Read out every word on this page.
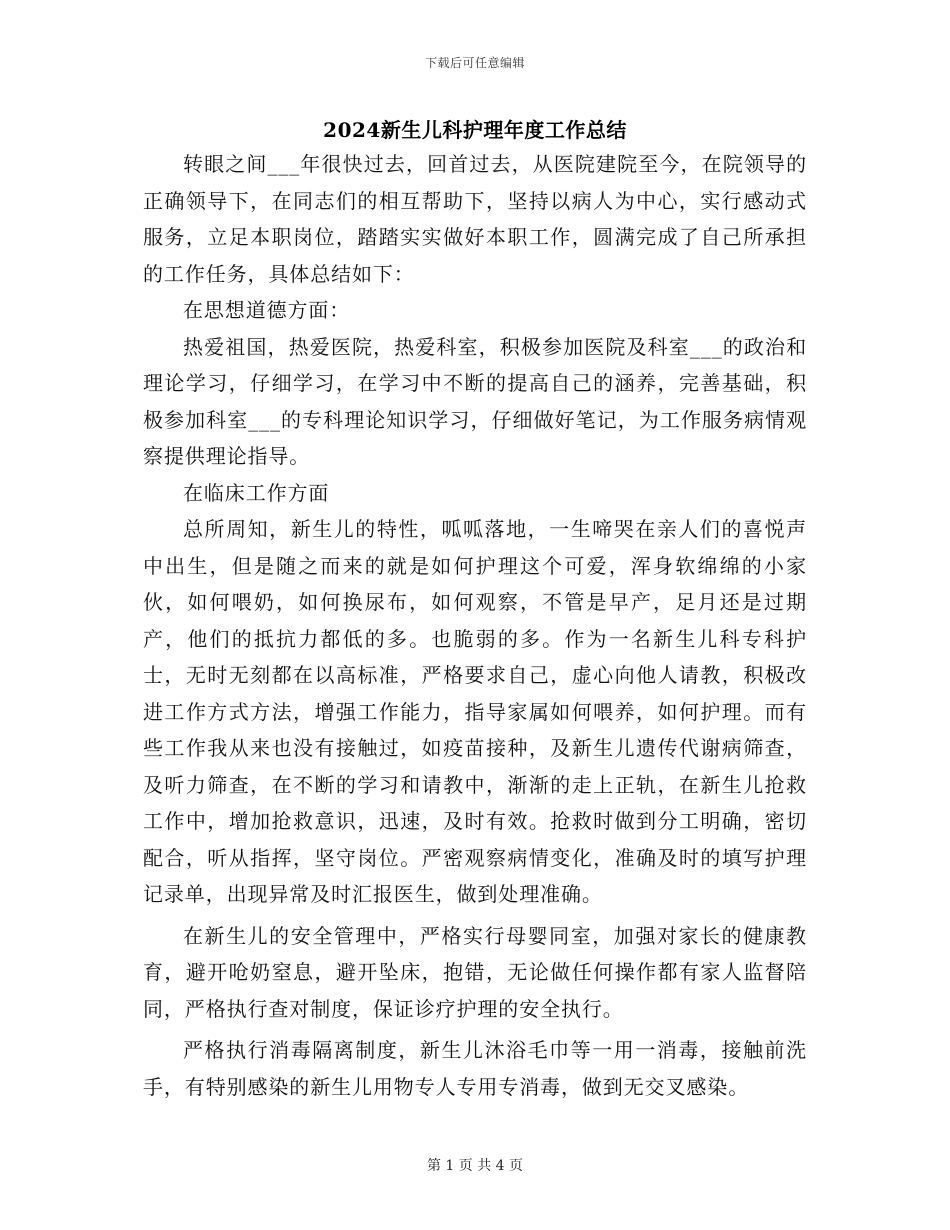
下载后可任意编辑
2024新生儿科护理年度工作总结

转眼之间___年很快过去，回首过去，从医院建院至今，在院领导的正确领导下，在同志们的相互帮助下，坚持以病人为中心，实行感动式服务，立足本职岗位，踏踏实实做好本职工作，圆满完成了自己所承担的工作任务，具体总结如下：

在思想道德方面：

热爱祖国，热爱医院，热爱科室，积极参加医院及科室___的政治和理论学习，仔细学习，在学习中不断的提高自己的涵养，完善基础，积极参加科室___的专科理论知识学习，仔细做好笔记，为工作服务病情观察提供理论指导。

在临床工作方面

总所周知，新生儿的特性，呱呱落地，一生啼哭在亲人们的喜悦声中出生，但是随之而来的就是如何护理这个可爱，浑身软绵绵的小家伙，如何喂奶，如何换尿布，如何观察，不管是早产，足月还是过期产，他们的抵抗力都低的多。也脆弱的多。作为一名新生儿科专科护士，无时无刻都在以高标准，严格要求自己，虚心向他人请教，积极改进工作方式方法，增强工作能力，指导家属如何喂养，如何护理。而有些工作我从来也没有接触过，如疫苗接种，及新生儿遗传代谢病筛查，及听力筛查，在不断的学习和请教中，渐渐的走上正轨，在新生儿抢救工作中，增加抢救意识，迅速，及时有效。抢救时做到分工明确，密切配合，听从指挥，坚守岗位。严密观察病情变化，准确及时的填写护理记录单，出现异常及时汇报医生，做到处理准确。

在新生儿的安全管理中，严格实行母婴同室，加强对家长的健康教育，避开呛奶窒息，避开坠床，抱错，无论做任何操作都有家人监督陪同，严格执行查对制度，保证诊疗护理的安全执行。

严格执行消毒隔离制度，新生儿沐浴毛巾等一用一消毒，接触前洗手，有特别感染的新生儿用物专人专用专消毒，做到无交叉感染。

第 1 页 共 4 页
